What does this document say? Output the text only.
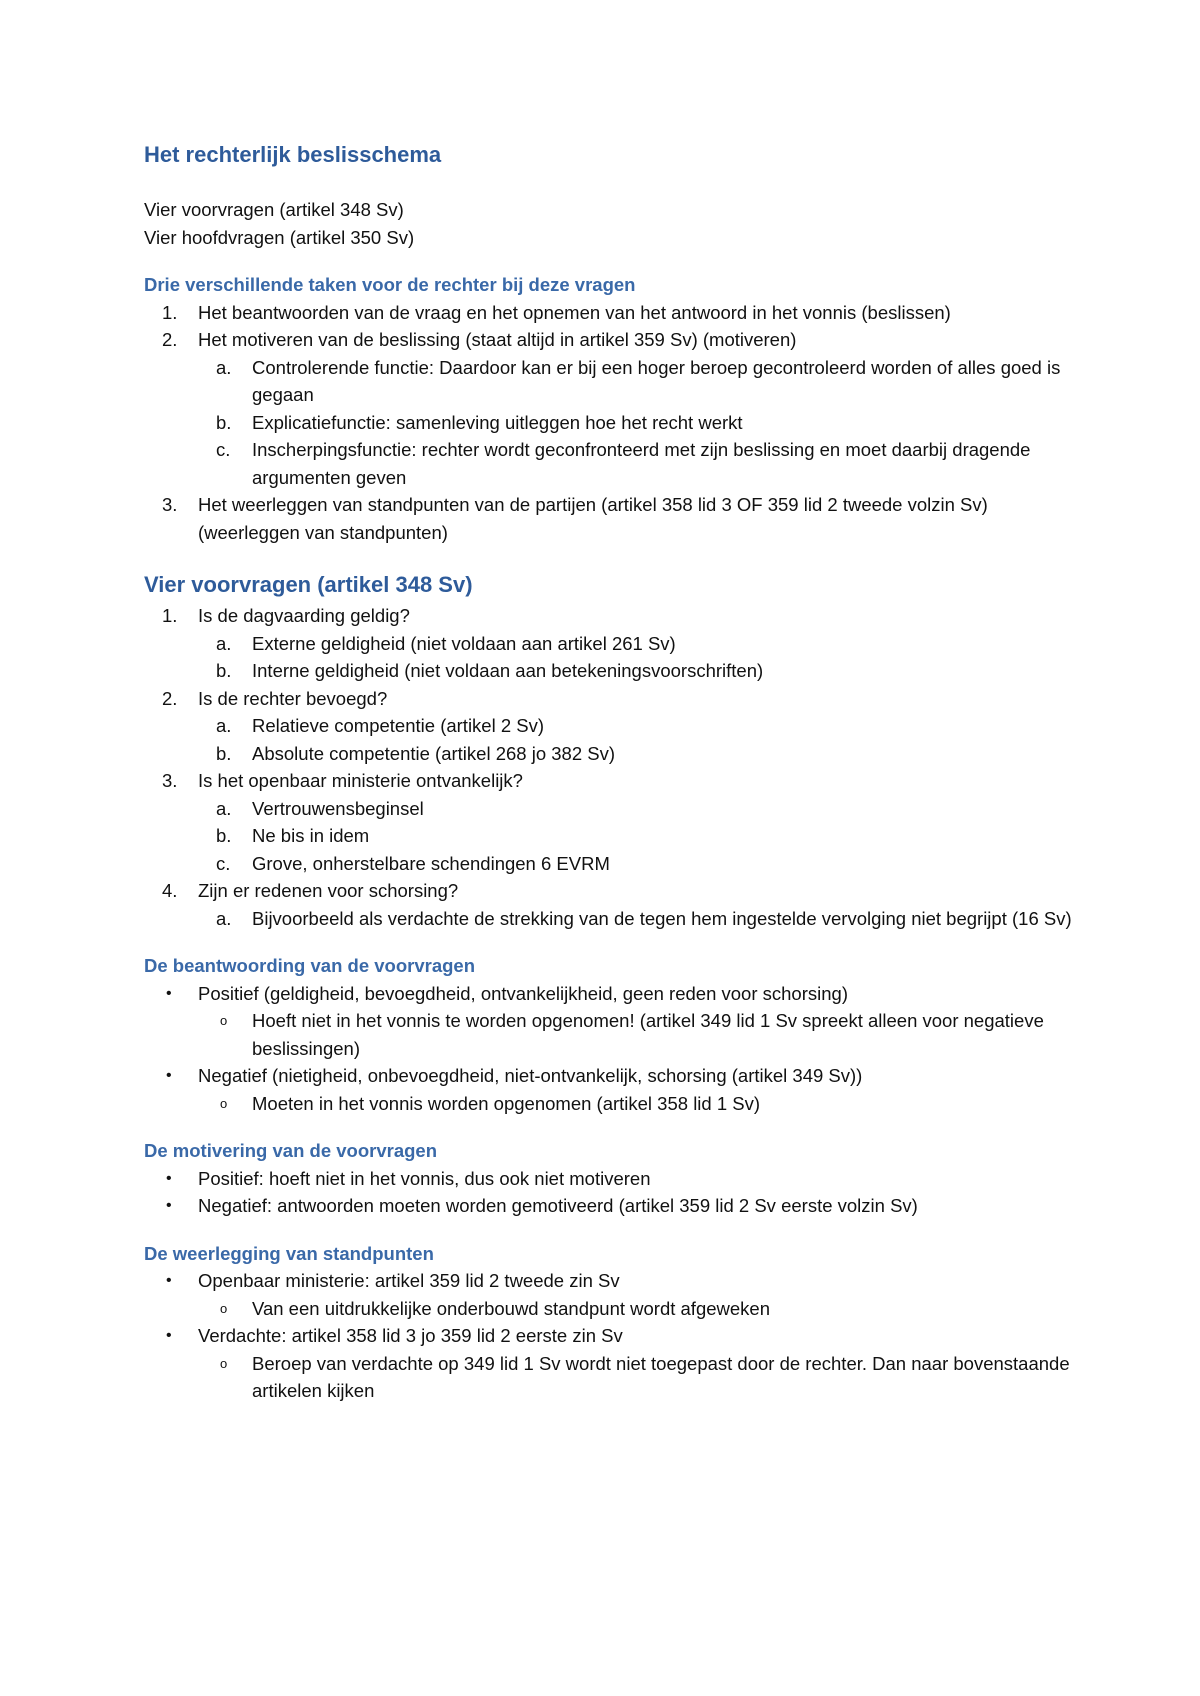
Het rechterlijk beslisschema

Vier voorvragen (artikel 348 Sv)

Vier hoofdvragen (artikel 350 Sv)

Drie verschillende taken voor de rechter bij deze vragen
1. Het beantwoorden van de vraag en het opnemen van het antwoord in het vonnis (beslissen)
2. Het motiveren van de beslissing (staat altijd in artikel 359 Sv) (motiveren)
a. Controlerende functie: Daardoor kan er bij een hoger beroep gecontroleerd worden of alles goed is gegaan
b. Explicatiefunctie: samenleving uitleggen hoe het recht werkt
c. Inscherpingsfunctie: rechter wordt geconfronteerd met zijn beslissing en moet daarbij dragende argumenten geven
3. Het weerleggen van standpunten van de partijen (artikel 358 lid 3 OF 359 lid 2 tweede volzin Sv) (weerleggen van standpunten)
Vier voorvragen (artikel 348 Sv)
1. Is de dagvaarding geldig?
a. Externe geldigheid (niet voldaan aan artikel 261 Sv)
b. Interne geldigheid (niet voldaan aan betekeningsvoorschriften)
2. Is de rechter bevoegd?
a. Relatieve competentie (artikel 2 Sv)
b. Absolute competentie (artikel 268 jo 382 Sv)
3. Is het openbaar ministerie ontvankelijk?
a. Vertrouwensbeginsel
b. Ne bis in idem
c. Grove, onherstelbare schendingen 6 EVRM
4. Zijn er redenen voor schorsing?
a. Bijvoorbeeld als verdachte de strekking van de tegen hem ingestelde vervolging niet begrijpt (16 Sv)
De beantwoording van de voorvragen
• Positief (geldigheid, bevoegdheid, ontvankelijkheid, geen reden voor schorsing)
o Hoeft niet in het vonnis te worden opgenomen! (artikel 349 lid 1 Sv spreekt alleen voor negatieve beslissingen)
• Negatief (nietigheid, onbevoegdheid, niet-ontvankelijk, schorsing (artikel 349 Sv))
o Moeten in het vonnis worden opgenomen (artikel 358 lid 1 Sv)
De motivering van de voorvragen
• Positief: hoeft niet in het vonnis, dus ook niet motiveren
• Negatief: antwoorden moeten worden gemotiveerd (artikel 359 lid 2 Sv eerste volzin Sv)
De weerlegging van standpunten
• Openbaar ministerie: artikel 359 lid 2 tweede zin Sv
o Van een uitdrukkelijke onderbouwd standpunt wordt afgeweken
• Verdachte: artikel 358 lid 3 jo 359 lid 2 eerste zin Sv
o Beroep van verdachte op 349 lid 1 Sv wordt niet toegepast door de rechter. Dan naar bovenstaande artikelen kijken
